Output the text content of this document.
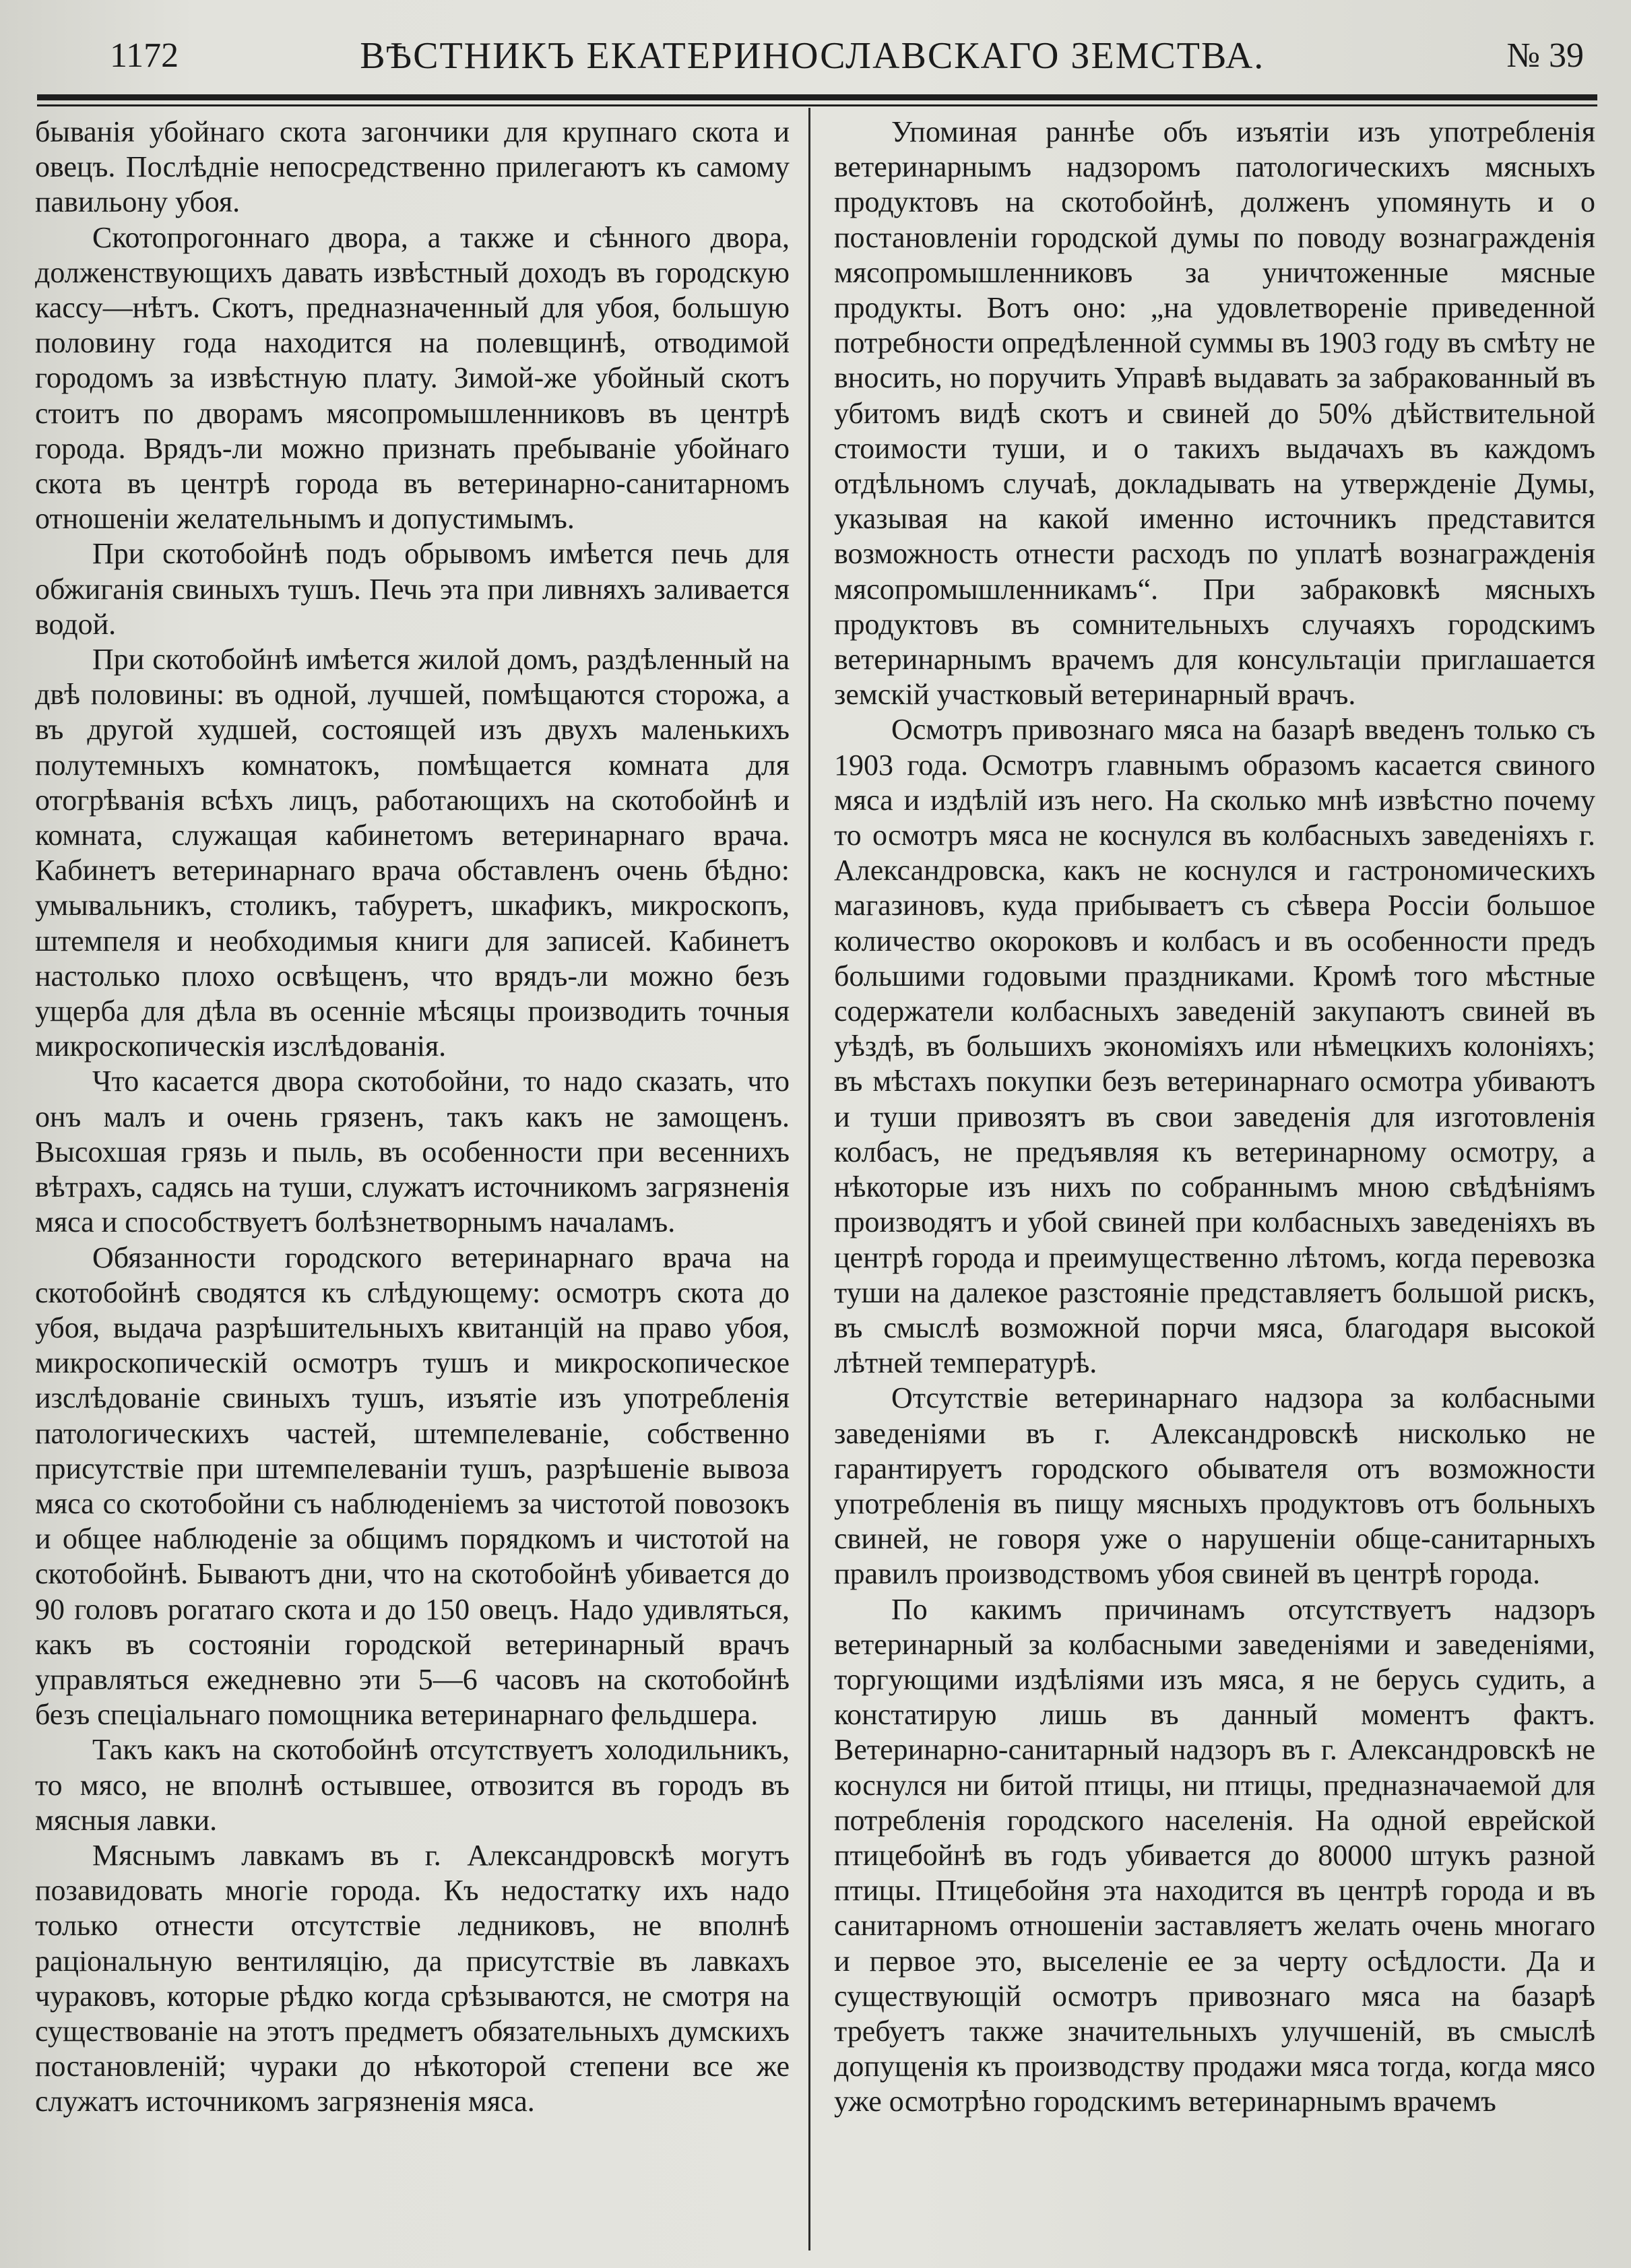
1172	ВѢСТНИКЪ ЕКАТЕРИНОСЛАВСКАГО ЗЕМСТВА.	№ 39

быванія убойнаго скота загончики для крупнаго скота и овецъ. Послѣдніе непосредственно прилегаютъ къ самому павильону убоя.

Скотопрогоннаго двора, а также и сѣнного двора, долженствующихъ давать извѣстный доходъ въ городскую кассу—нѣтъ. Скотъ, предназначенный для убоя, большую половину года находится на полевщинѣ, отводимой городомъ за извѣстную плату. Зимой-же убойный скотъ стоитъ по дворамъ мясопромышленниковъ въ центрѣ города. Врядъ-ли можно признать пребываніе убойнаго скота въ центрѣ города въ ветеринарно-санитарномъ отношеніи желательнымъ и допустимымъ.

При скотобойнѣ подъ обрывомъ имѣется печь для обжиганія свиныхъ тушъ. Печь эта при ливняхъ заливается водой.

При скотобойнѣ имѣется жилой домъ, раздѣленный на двѣ половины: въ одной, лучшей, помѣщаются сторожа, а въ другой худшей, состоящей изъ двухъ маленькихъ полутемныхъ комнатокъ, помѣщается комната для отогрѣванія всѣхъ лицъ, работающихъ на скотобойнѣ и комната, служащая кабинетомъ ветеринарнаго врача. Кабинетъ ветеринарнаго врача обставленъ очень бѣдно: умывальникъ, столикъ, табуретъ, шкафикъ, микроскопъ, штемпеля и необходимыя книги для записей. Кабинетъ настолько плохо освѣщенъ, что врядъ-ли можно безъ ущерба для дѣла въ осенніе мѣсяцы производить точныя микроскопическія изслѣдованія.

Что касается двора скотобойни, то надо сказать, что онъ малъ и очень грязенъ, такъ какъ не замощенъ. Высохшая грязь и пыль, въ особенности при весеннихъ вѣтрахъ, садясь на туши, служатъ источникомъ загрязненія мяса и способствуетъ болѣзнетворнымъ началамъ.

Обязанности городского ветеринарнаго врача на скотобойнѣ сводятся къ слѣдующему: осмотръ скота до убоя, выдача разрѣшительныхъ квитанцій на право убоя, микроскопическій осмотръ тушъ и микроскопическое изслѣдованіе свиныхъ тушъ, изъятіе изъ употребленія патологическихъ частей, штемпелеваніе, собственно присутствіе при штемпелеваніи тушъ, разрѣшеніе вывоза мяса со скотобойни съ наблюденіемъ за чистотой повозокъ и общее наблюденіе за общимъ порядкомъ и чистотой на скотобойнѣ. Бываютъ дни, что на скотобойнѣ убивается до 90 головъ рогатаго скота и до 150 овецъ. Надо удивляться, какъ въ состояніи городской ветеринарный врачъ управляться ежедневно эти 5—6 часовъ на скотобойнѣ безъ спеціальнаго помощника ветеринарнаго фельдшера.

Такъ какъ на скотобойнѣ отсутствуетъ холодильникъ, то мясо, не вполнѣ остывшее, отвозится въ городъ въ мясныя лавки.

Мяснымъ лавкамъ въ г. Александровскѣ могутъ позавидовать многіе города. Къ недостатку ихъ надо только отнести отсутствіе ледниковъ, не вполнѣ раціональную вентиляцію, да присутствіе въ лавкахъ чураковъ, которые рѣдко когда срѣзываются, не смотря на существованіе на этотъ предметъ обязательныхъ думскихъ постановленій; чураки до нѣкоторой степени все же служатъ источникомъ загрязненія мяса.

Упоминая раннѣе объ изъятіи изъ употребленія ветеринарнымъ надзоромъ патологическихъ мясныхъ продуктовъ на скотобойнѣ, долженъ упомянуть и о постановленіи городской думы по поводу вознагражденія мясопромышленниковъ за уничтоженные мясные продукты. Вотъ оно: „на удовлетвореніе приведенной потребности опредѣленной суммы въ 1903 году въ смѣту не вносить, но поручить Управѣ выдавать за забракованный въ убитомъ видѣ скотъ и свиней до 50% дѣйствительной стоимости туши, и о такихъ выдачахъ въ каждомъ отдѣльномъ случаѣ, докладывать на утвержденіе Думы, указывая на какой именно источникъ представится возможность отнести расходъ по уплатѣ вознагражденія мясопромышленникамъ“. При забраковкѣ мясныхъ продуктовъ въ сомнительныхъ случаяхъ городскимъ ветеринарнымъ врачемъ для консультаціи приглашается земскій участковый ветеринарный врачъ.

Осмотръ привознаго мяса на базарѣ введенъ только съ 1903 года. Осмотръ главнымъ образомъ касается свиного мяса и издѣлій изъ него. На сколько мнѣ извѣстно почему то осмотръ мяса не коснулся въ колбасныхъ заведеніяхъ г. Александровска, какъ не коснулся и гастрономическихъ магазиновъ, куда прибываетъ съ сѣвера Россіи большое количество окороковъ и колбасъ и въ особенности предъ большими годовыми праздниками. Кромѣ того мѣстные содержатели колбасныхъ заведеній закупаютъ свиней въ уѣздѣ, въ большихъ экономіяхъ или нѣмецкихъ колоніяхъ; въ мѣстахъ покупки безъ ветеринарнаго осмотра убиваютъ и туши привозятъ въ свои заведенія для изготовленія колбасъ, не предъявляя къ ветеринарному осмотру, а нѣкоторые изъ нихъ по собраннымъ мною свѣдѣніямъ производятъ и убой свиней при колбасныхъ заведеніяхъ въ центрѣ города и преимущественно лѣтомъ, когда перевозка туши на далекое разстояніе представляетъ большой рискъ, въ смыслѣ возможной порчи мяса, благодаря высокой лѣтней температурѣ.

Отсутствіе ветеринарнаго надзора за колбасными заведеніями въ г. Александровскѣ нисколько не гарантируетъ городского обывателя отъ возможности употребленія въ пищу мясныхъ продуктовъ отъ больныхъ свиней, не говоря уже о нарушеніи обще-санитарныхъ правилъ производствомъ убоя свиней въ центрѣ города.

По какимъ причинамъ отсутствуетъ надзоръ ветеринарный за колбасными заведеніями и заведеніями, торгующими издѣліями изъ мяса, я не берусь судить, а констатирую лишь въ данный моментъ фактъ. Ветеринарно-санитарный надзоръ въ г. Александровскѣ не коснулся ни битой птицы, ни птицы, предназначаемой для потребленія городского населенія. На одной еврейской птицебойнѣ въ годъ убивается до 80000 штукъ разной птицы. Птицебойня эта находится въ центрѣ города и въ санитарномъ отношеніи заставляетъ желать очень многаго и первое это, выселеніе ее за черту осѣдлости. Да и существующій осмотръ привознаго мяса на базарѣ требуетъ также значительныхъ улучшеній, въ смыслѣ допущенія къ производству продажи мяса тогда, когда мясо уже осмотрѣно городскимъ ветеринарнымъ врачемъ
